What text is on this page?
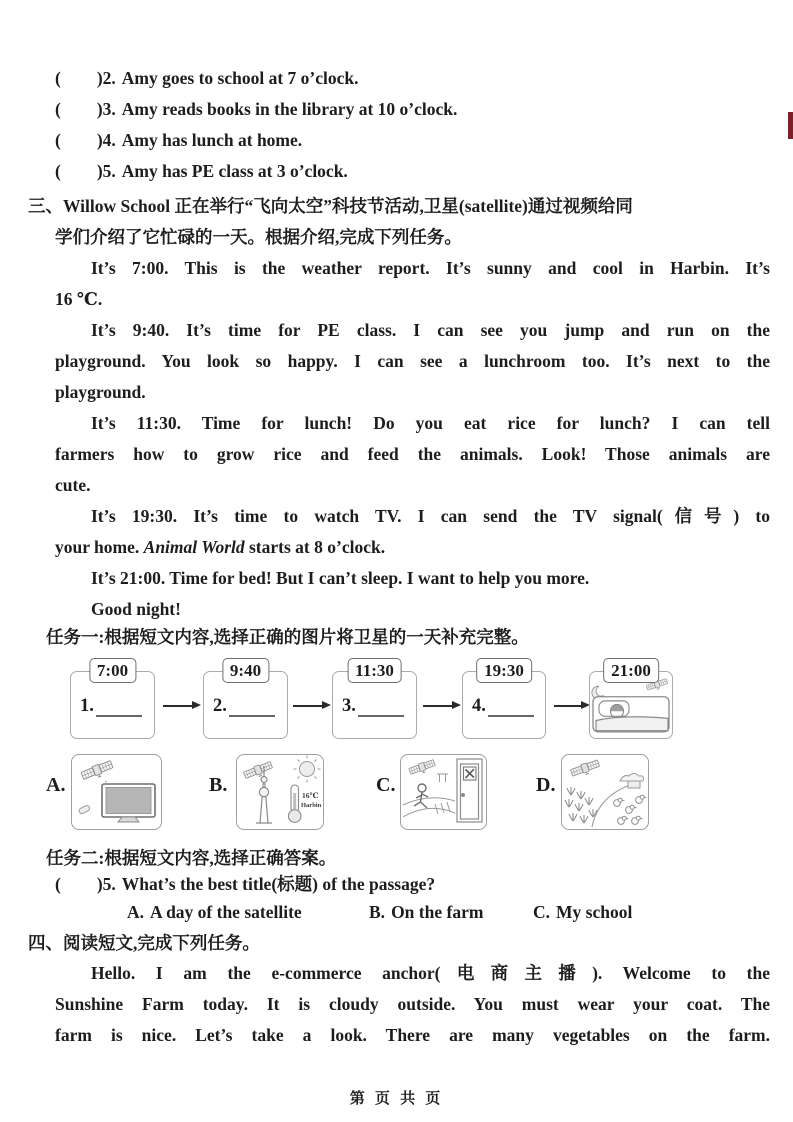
( )2. Amy goes to school at 7 o’clock.
( )3. Amy reads books in the library at 10 o’clock.
( )4. Amy has lunch at home.
( )5. Amy has PE class at 3 o’clock.
三、Willow School 正在举行“飞向太空”科技节活动,卫星(satellite)通过视频给同
学们介绍了它忙碌的一天。根据介绍,完成下列任务。
It’s 7:00. This is the weather report. It’s sunny and cool in Harbin. It’s
16 ℃.
It’s 9:40. It’s time for PE class. I can see you jump and run on the
playground. You look so happy. I can see a lunchroom too. It’s next to the
playground.
It’s 11:30. Time for lunch! Do you eat rice for lunch? I can tell
farmers how to grow rice and feed the animals. Look! Those animals are
cute.
It’s 19:30. It’s time to watch TV. I can send the TV signal(信号) to
your home. Animal World starts at 8 o’clock.
It’s 21:00. Time for bed! But I can’t sleep. I want to help you more.
Good night!
任务一:根据短文内容,选择正确的图片将卫星的一天补充完整。
7:00
1.
9:40
2.
11:30
3.
19:30
4.
21:00
A.	B.	16℃
Harbin
C.	D.
任务二:根据短文内容,选择正确答案。
( )5. What’s the best title(标题) of the passage?
A. A day of the satellite	B. On the farm	C. My school
四、阅读短文,完成下列任务。
Hello. I am the e-commerce anchor(电商主播). Welcome to the
Sunshine Farm today. It is cloudy outside. You must wear your coat. The
farm is nice. Let’s take a look. There are many vegetables on the farm.
第 页 共 页
